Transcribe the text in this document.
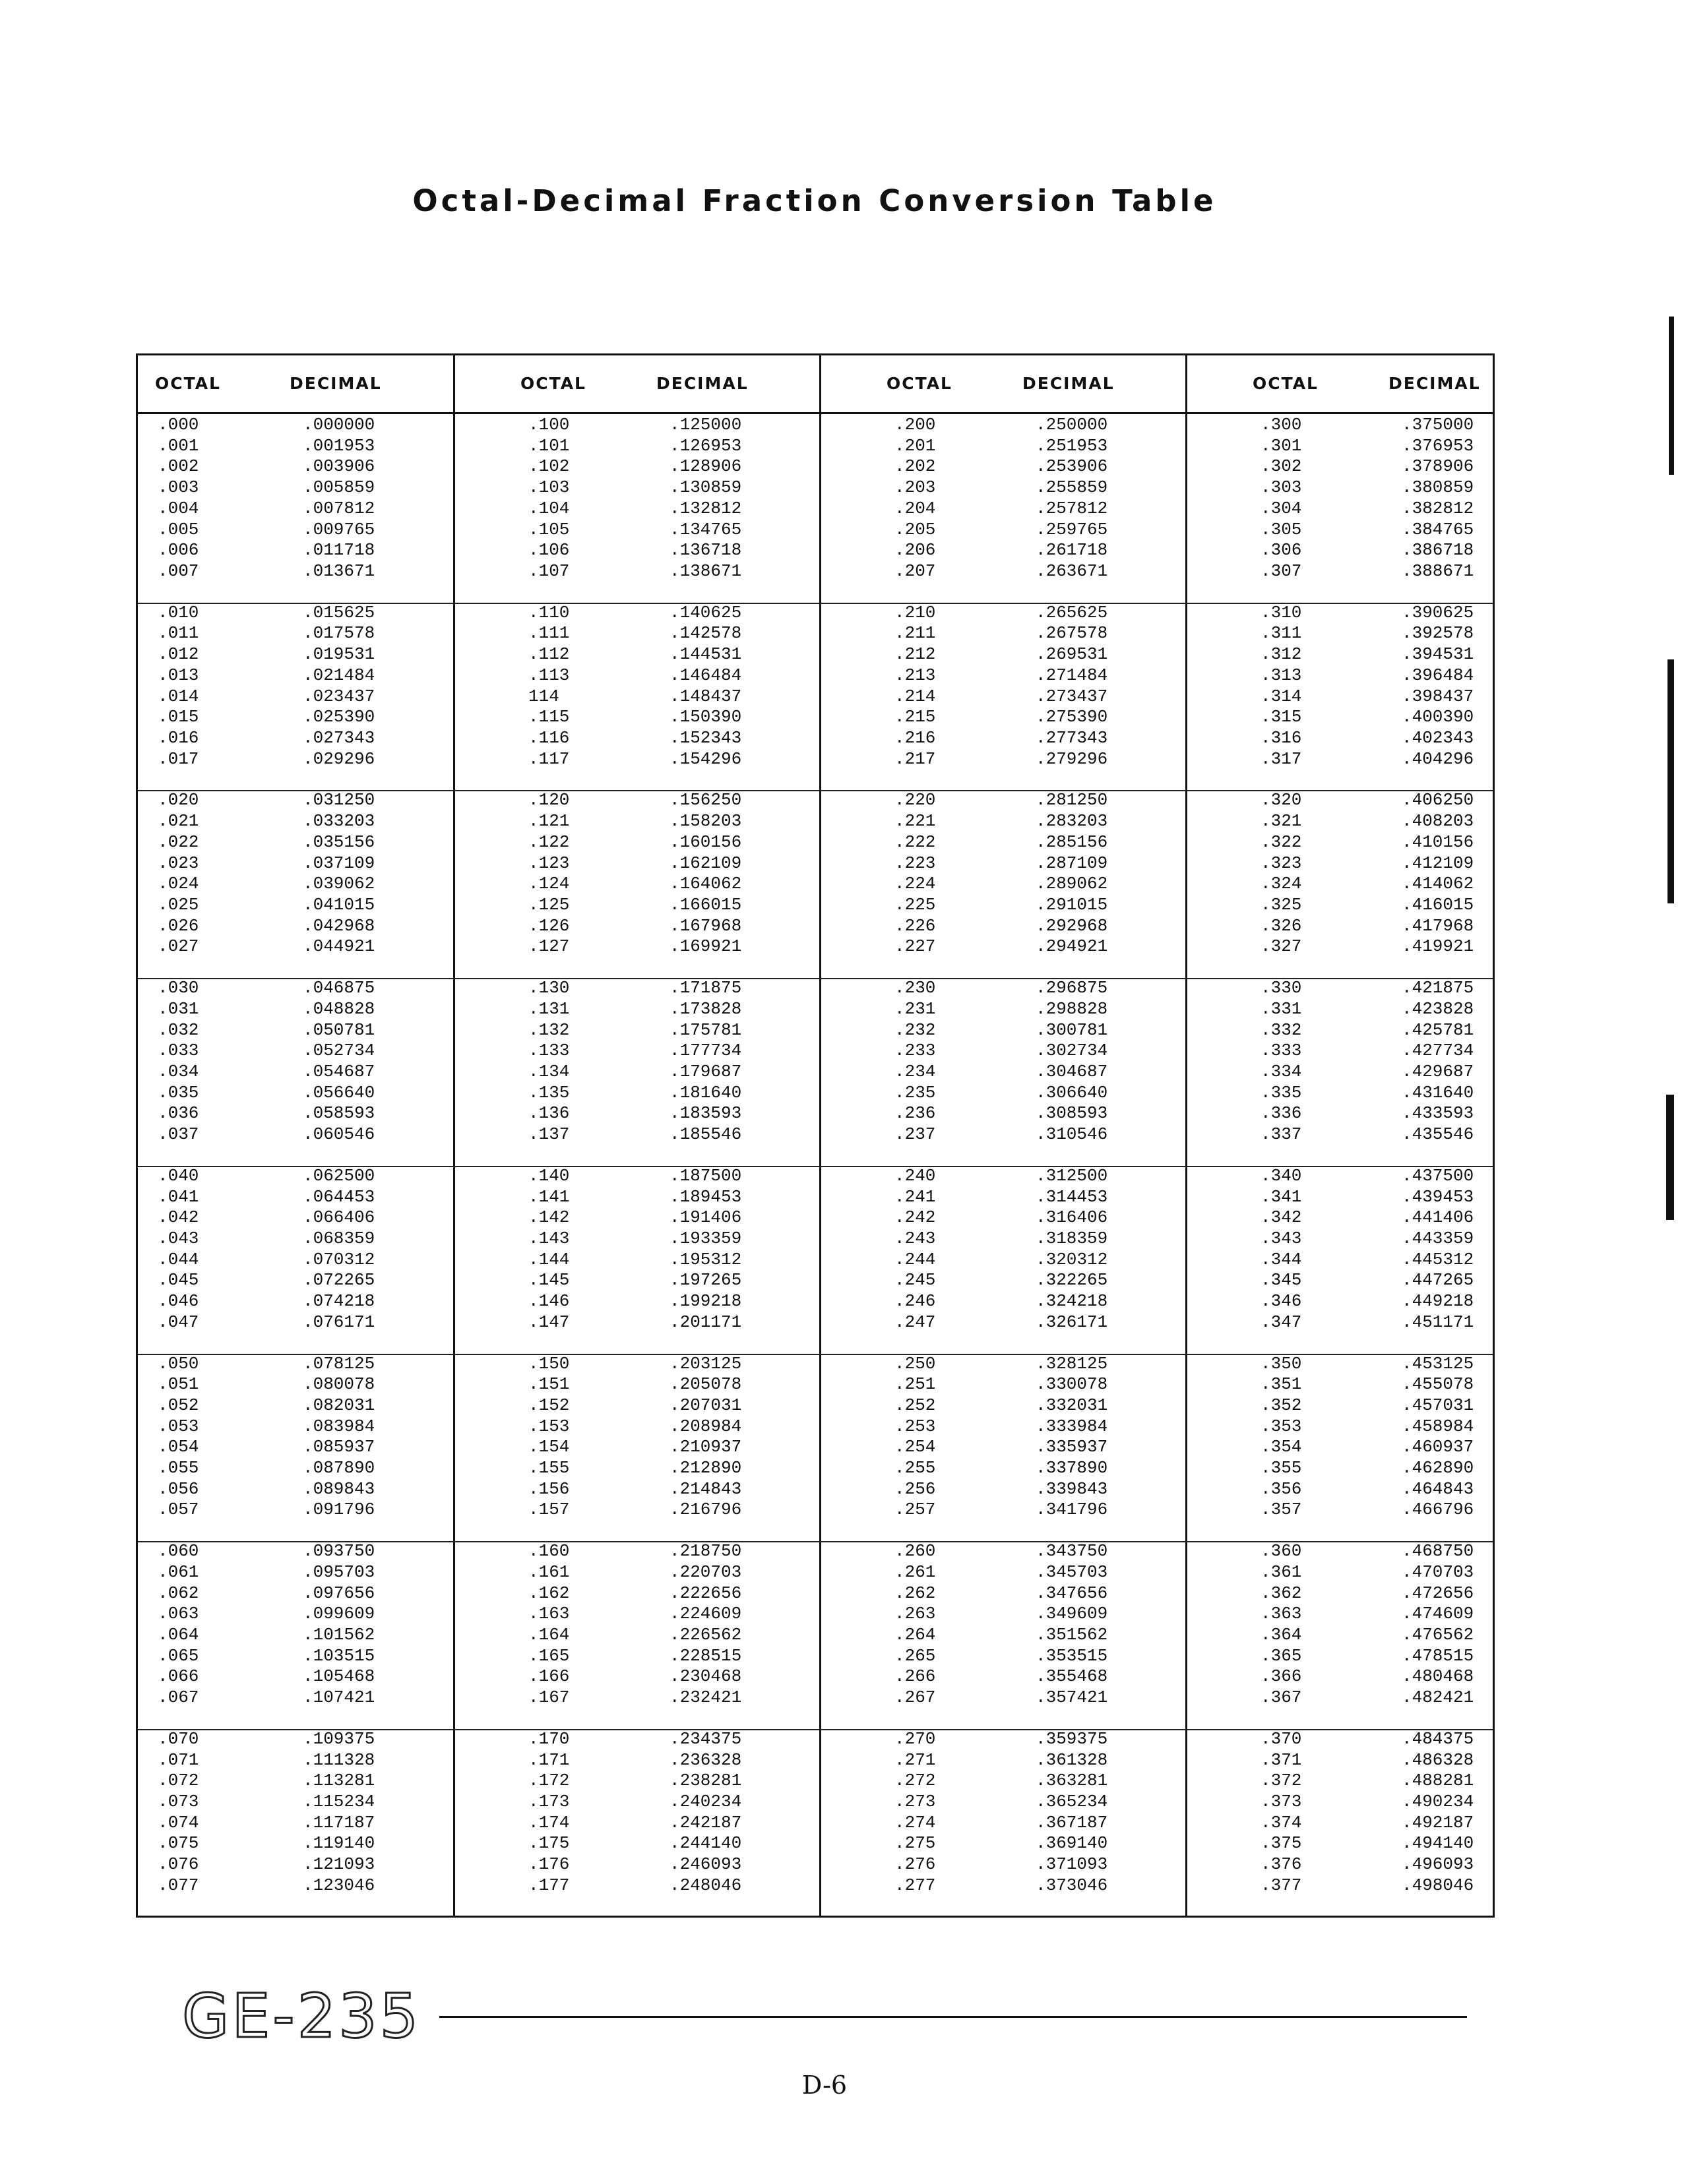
Octal-Decimal Fraction Conversion Table
OCTAL	DECIMAL
.000	.000000
.001	.001953
.002	.003906
.003	.005859
.004	.007812
.005	.009765
.006	.011718
.007	.013671
.010	.015625
.011	.017578
.012	.019531
.013	.021484
.014	.023437
.015	.025390
.016	.027343
.017	.029296
.020	.031250
.021	.033203
.022	.035156
.023	.037109
.024	.039062
.025	.041015
.026	.042968
.027	.044921
.030	.046875
.031	.048828
.032	.050781
.033	.052734
.034	.054687
.035	.056640
.036	.058593
.037	.060546
.040	.062500
.041	.064453
.042	.066406
.043	.068359
.044	.070312
.045	.072265
.046	.074218
.047	.076171
.050	.078125
.051	.080078
.052	.082031
.053	.083984
.054	.085937
.055	.087890
.056	.089843
.057	.091796
.060	.093750
.061	.095703
.062	.097656
.063	.099609
.064	.101562
.065	.103515
.066	.105468
.067	.107421
.070	.109375
.071	.111328
.072	.113281
.073	.115234
.074	.117187
.075	.119140
.076	.121093
.077	.123046
OCTAL	DECIMAL
.100	.125000
.101	.126953
.102	.128906
.103	.130859
.104	.132812
.105	.134765
.106	.136718
.107	.138671
.110	.140625
.111	.142578
.112	.144531
.113	.146484
114	.148437
.115	.150390
.116	.152343
.117	.154296
.120	.156250
.121	.158203
.122	.160156
.123	.162109
.124	.164062
.125	.166015
.126	.167968
.127	.169921
.130	.171875
.131	.173828
.132	.175781
.133	.177734
.134	.179687
.135	.181640
.136	.183593
.137	.185546
.140	.187500
.141	.189453
.142	.191406
.143	.193359
.144	.195312
.145	.197265
.146	.199218
.147	.201171
.150	.203125
.151	.205078
.152	.207031
.153	.208984
.154	.210937
.155	.212890
.156	.214843
.157	.216796
.160	.218750
.161	.220703
.162	.222656
.163	.224609
.164	.226562
.165	.228515
.166	.230468
.167	.232421
.170	.234375
.171	.236328
.172	.238281
.173	.240234
.174	.242187
.175	.244140
.176	.246093
.177	.248046
OCTAL	DECIMAL
.200	.250000
.201	.251953
.202	.253906
.203	.255859
.204	.257812
.205	.259765
.206	.261718
.207	.263671
.210	.265625
.211	.267578
.212	.269531
.213	.271484
.214	.273437
.215	.275390
.216	.277343
.217	.279296
.220	.281250
.221	.283203
.222	.285156
.223	.287109
.224	.289062
.225	.291015
.226	.292968
.227	.294921
.230	.296875
.231	.298828
.232	.300781
.233	.302734
.234	.304687
.235	.306640
.236	.308593
.237	.310546
.240	.312500
.241	.314453
.242	.316406
.243	.318359
.244	.320312
.245	.322265
.246	.324218
.247	.326171
.250	.328125
.251	.330078
.252	.332031
.253	.333984
.254	.335937
.255	.337890
.256	.339843
.257	.341796
.260	.343750
.261	.345703
.262	.347656
.263	.349609
.264	.351562
.265	.353515
.266	.355468
.267	.357421
.270	.359375
.271	.361328
.272	.363281
.273	.365234
.274	.367187
.275	.369140
.276	.371093
.277	.373046
OCTAL	DECIMAL
.300	.375000
.301	.376953
.302	.378906
.303	.380859
.304	.382812
.305	.384765
.306	.386718
.307	.388671
.310	.390625
.311	.392578
.312	.394531
.313	.396484
.314	.398437
.315	.400390
.316	.402343
.317	.404296
.320	.406250
.321	.408203
.322	.410156
.323	.412109
.324	.414062
.325	.416015
.326	.417968
.327	.419921
.330	.421875
.331	.423828
.332	.425781
.333	.427734
.334	.429687
.335	.431640
.336	.433593
.337	.435546
.340	.437500
.341	.439453
.342	.441406
.343	.443359
.344	.445312
.345	.447265
.346	.449218
.347	.451171
.350	.453125
.351	.455078
.352	.457031
.353	.458984
.354	.460937
.355	.462890
.356	.464843
.357	.466796
.360	.468750
.361	.470703
.362	.472656
.363	.474609
.364	.476562
.365	.478515
.366	.480468
.367	.482421
.370	.484375
.371	.486328
.372	.488281
.373	.490234
.374	.492187
.375	.494140
.376	.496093
.377	.498046
GE-235
D-6
